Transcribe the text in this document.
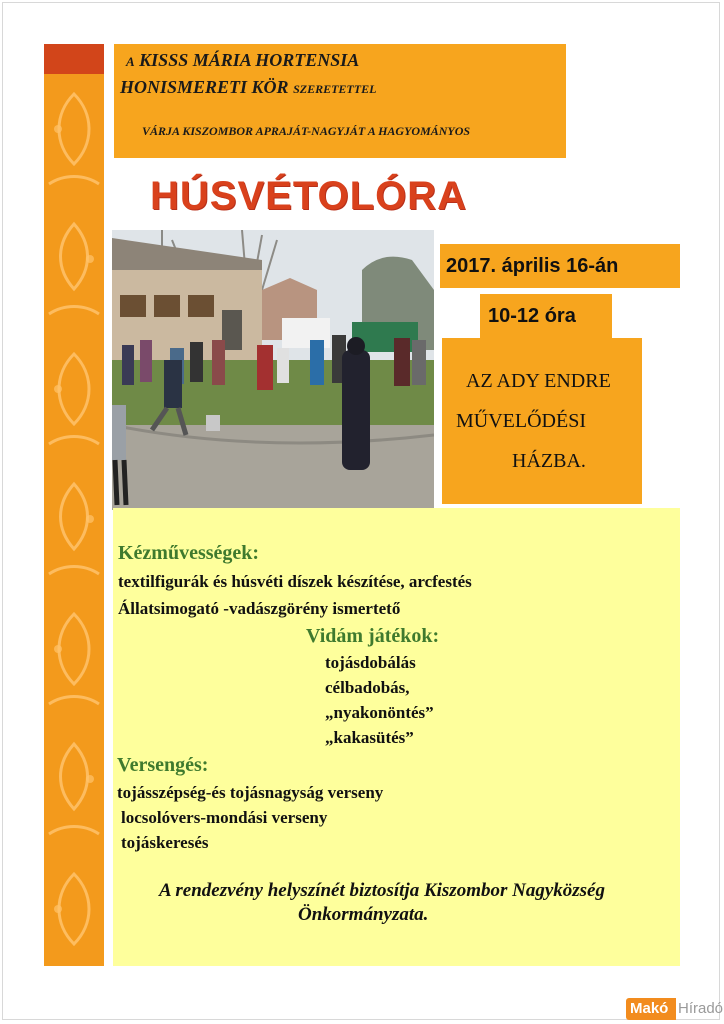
A KISSS MÁRIA HORTENSIA
HONISMERETI KÖR SZERETETTEL
VÁRJA KISZOMBOR APRAJÁT-NAGYJÁT A HAGYOMÁNYOS
HÚSVÉTOLÓRA
2017. április 16-án
10-12 óra
AZ ADY ENDRE
MŰVELŐDÉSI
HÁZBA.
Kézművességek:
textilfigurák és húsvéti díszek készítése, arcfestés
Állatsimogató -vadászgörény ismertető
Vidám játékok:
tojásdobálás
célbadobás,
„nyakonöntés”
„kakasütés”
Versengés:
tojásszépség-és tojásnagyság verseny
locsolóvers-mondási verseny
tojáskeresés
A rendezvény helyszínét biztosítja Kiszombor Nagyközség
Önkormányzata.
Makó Híradó
